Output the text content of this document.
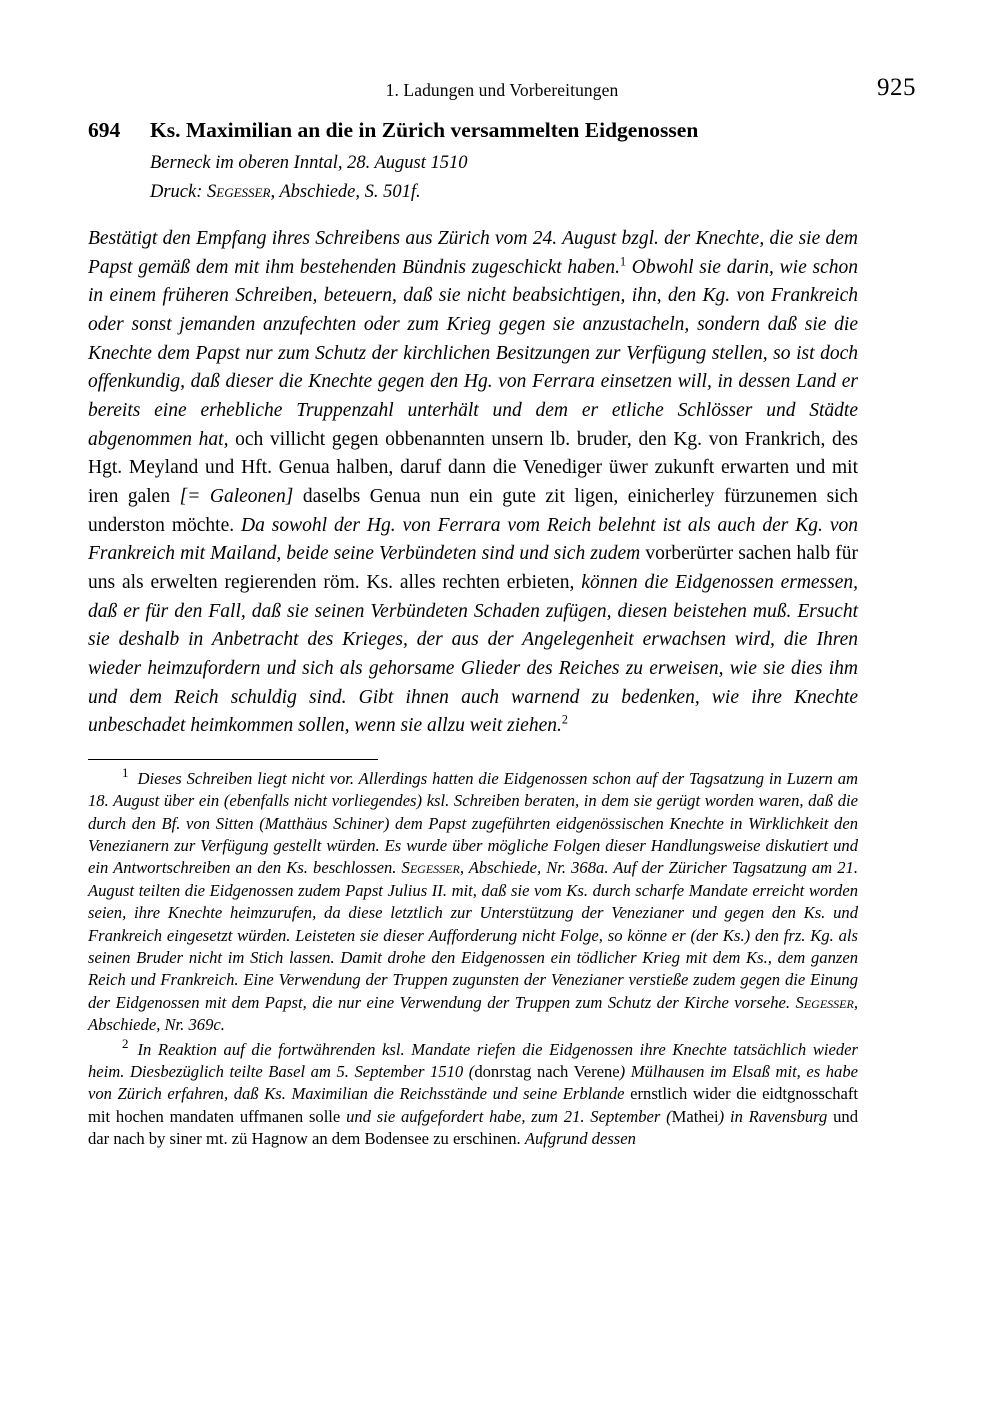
1. Ladungen und Vorbereitungen	925
694	Ks. Maximilian an die in Zürich versammelten Eidgenossen
Berneck im oberen Inntal, 28. August 1510
Druck: Segesser, Abschiede, S. 501f.
Bestätigt den Empfang ihres Schreibens aus Zürich vom 24. August bzgl. der Knechte, die sie dem Papst gemäß dem mit ihm bestehenden Bündnis zugeschickt haben.$^1$ Obwohl sie darin, wie schon in einem früheren Schreiben, beteuern, daß sie nicht beabsichtigen, ihn, den Kg. von Frankreich oder sonst jemanden anzufechten oder zum Krieg gegen sie anzustacheln, sondern daß sie die Knechte dem Papst nur zum Schutz der kirchlichen Besitzungen zur Verfügung stellen, so ist doch offenkundig, daß dieser die Knechte gegen den Hg. von Ferrara einsetzen will, in dessen Land er bereits eine erhebliche Truppenzahl unterhält und dem er etliche Schlösser und Städte abgenommen hat, och villicht gegen obbenannten unsern lb. bruder, den Kg. von Frankrich, des Hgt. Meyland und Hft. Genua halben, daruf dann die Venediger üwer zukunft erwarten und mit iren galen [= Galeonen] daselbs Genua nun ein gute zit ligen, einicherley fürzunemen sich underston möchte. Da sowohl der Hg. von Ferrara vom Reich belehnt ist als auch der Kg. von Frankreich mit Mailand, beide seine Verbündeten sind und sich zudem vorberürter sachen halb für uns als erwelten regierenden röm. Ks. alles rechten erbieten, können die Eidgenossen ermessen, daß er für den Fall, daß sie seinen Verbündeten Schaden zufügen, diesen beistehen muß. Ersucht sie deshalb in Anbetracht des Krieges, der aus der Angelegenheit erwachsen wird, die Ihren wieder heimzufordern und sich als gehorsame Glieder des Reiches zu erweisen, wie sie dies ihm und dem Reich schuldig sind. Gibt ihnen auch warnend zu bedenken, wie ihre Knechte unbeschadet heimkommen sollen, wenn sie allzu weit ziehen.$^2$
$^1$ Dieses Schreiben liegt nicht vor. Allerdings hatten die Eidgenossen schon auf der Tagsatzung in Luzern am 18. August über ein (ebenfalls nicht vorliegendes) ksl. Schreiben beraten, in dem sie gerügt worden waren, daß die durch den Bf. von Sitten (Matthäus Schiner) dem Papst zugeführten eidgenössischen Knechte in Wirklichkeit den Venezianern zur Verfügung gestellt würden. Es wurde über mögliche Folgen dieser Handlungsweise diskutiert und ein Antwortschreiben an den Ks. beschlossen. Segesser, Abschiede, Nr. 368a. Auf der Züricher Tagsatzung am 21. August teilten die Eidgenossen zudem Papst Julius II. mit, daß sie vom Ks. durch scharfe Mandate erreicht worden seien, ihre Knechte heimzurufen, da diese letztlich zur Unterstützung der Venezianer und gegen den Ks. und Frankreich eingesetzt würden. Leisteten sie dieser Aufforderung nicht Folge, so könne er (der Ks.) den frz. Kg. als seinen Bruder nicht im Stich lassen. Damit drohe den Eidgenossen ein tödlicher Krieg mit dem Ks., dem ganzen Reich und Frankreich. Eine Verwendung der Truppen zugunsten der Venezianer verstieße zudem gegen die Einung der Eidgenossen mit dem Papst, die nur eine Verwendung der Truppen zum Schutz der Kirche vorsehe. Segesser, Abschiede, Nr. 369c.
$^2$ In Reaktion auf die fortwährenden ksl. Mandate riefen die Eidgenossen ihre Knechte tatsächlich wieder heim. Diesbezüglich teilte Basel am 5. September 1510 (donrstag nach Verene) Mülhausen im Elsaß mit, es habe von Zürich erfahren, daß Ks. Maximilian die Reichsstände und seine Erblande ernstlich wider die eidtgnosschaft mit hochen mandaten uffmanen solle und sie aufgefordert habe, zum 21. September (Mathei) in Ravensburg und dar nach by siner mt. zü Hagnow an dem Bodensee zu erschinen. Aufgrund dessen
